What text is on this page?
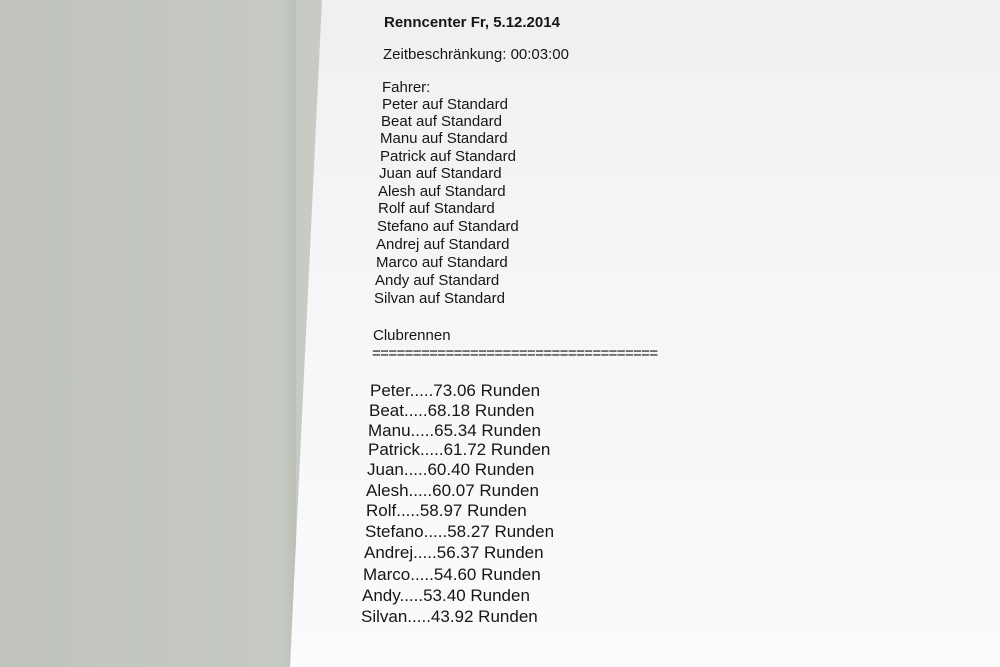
Renncenter Fr, 5.12.2014
Zeitbeschränkung: 00:03:00
Fahrer:
Peter auf Standard
Beat auf Standard
Manu auf Standard
Patrick auf Standard
Juan auf Standard
Alesh auf Standard
Rolf auf Standard
Stefano auf Standard
Andrej auf Standard
Marco auf Standard
Andy auf Standard
Silvan auf Standard
Clubrennen
===================================
Peter.....73.06 Runden
Beat.....68.18 Runden
Manu.....65.34 Runden
Patrick.....61.72 Runden
Juan.....60.40 Runden
Alesh.....60.07 Runden
Rolf.....58.97 Runden
Stefano.....58.27 Runden
Andrej.....56.37 Runden
Marco.....54.60 Runden
Andy.....53.40 Runden
Silvan.....43.92 Runden
